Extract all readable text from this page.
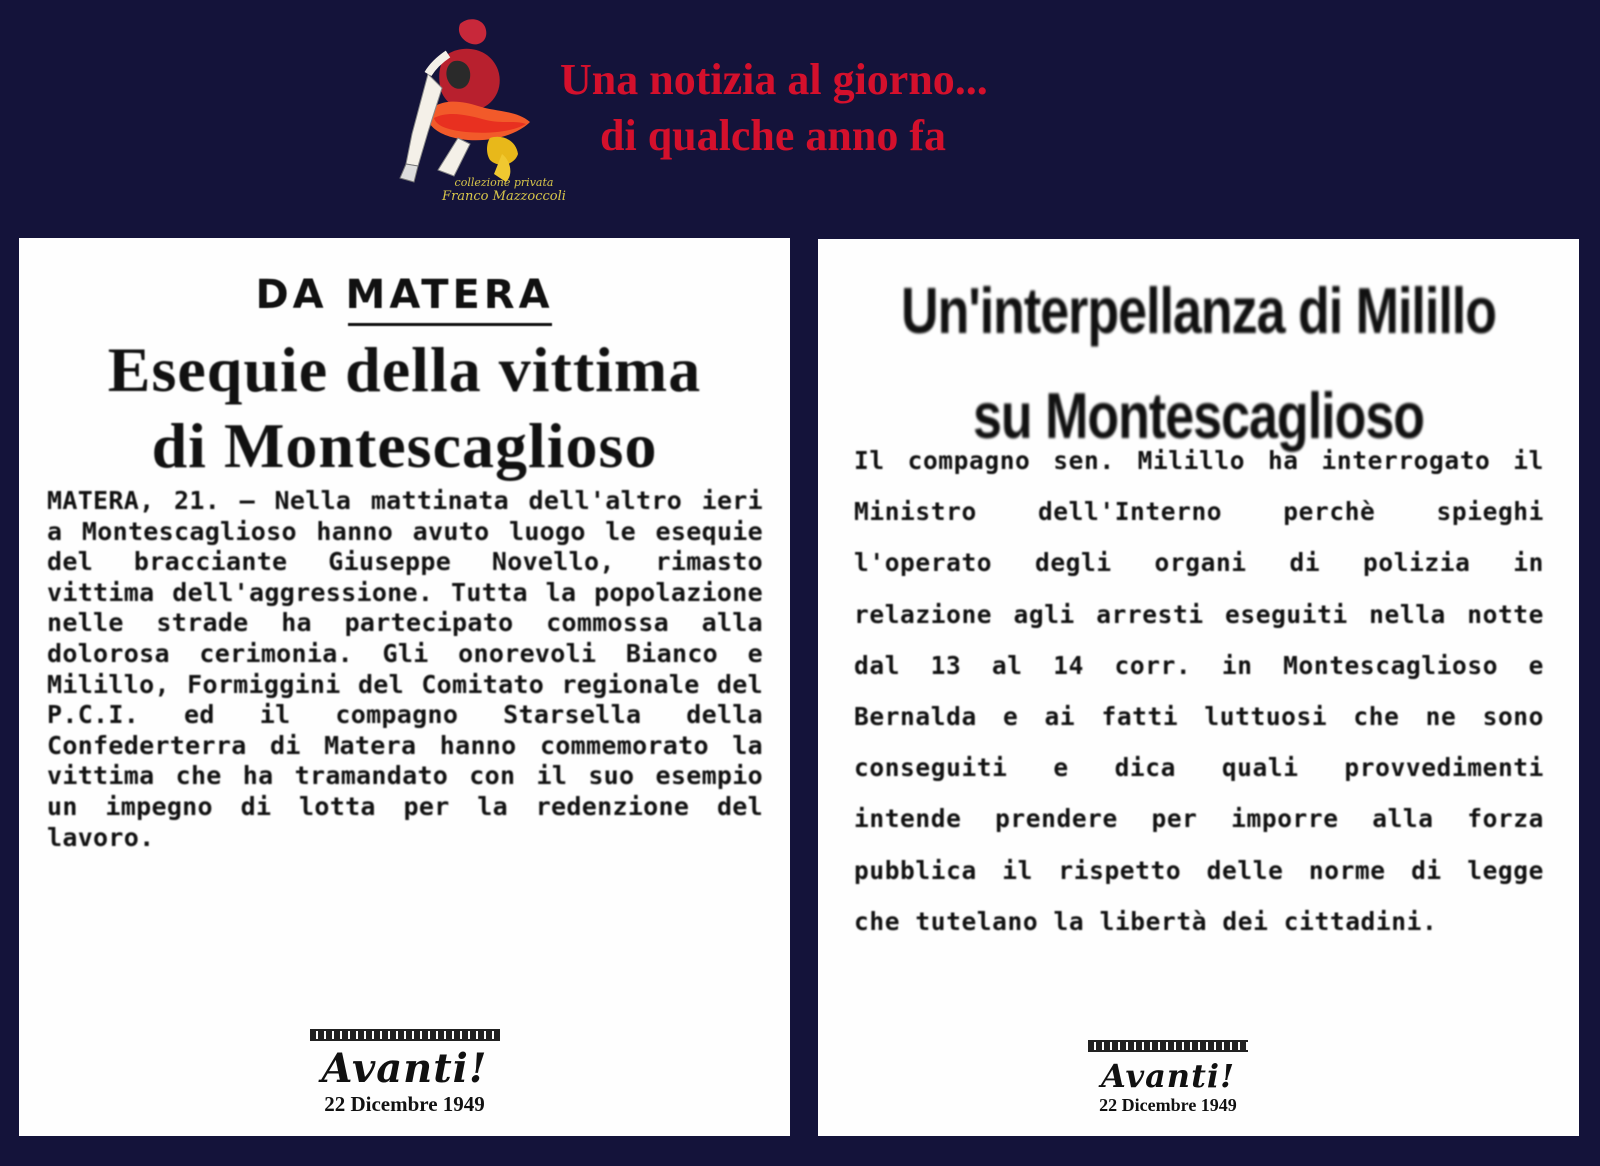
collezione privata
Franco Mazzoccoli
Una notizia al giorno...
di qualche anno fa
DA MATERA
Esequie della vittima
di Montescaglioso
MATERA, 21. — Nella mattinata dell'altro ieri a Montescaglioso hanno avuto luogo le esequie del bracciante Giuseppe Novello, rimasto vittima dell'aggressione. Tutta la popolazione nelle strade ha partecipato commossa alla dolorosa cerimonia. Gli onorevoli Bianco e Milillo, Formiggini del Comitato regionale del P.C.I. ed il compagno Starsella della Confederterra di Matera hanno commemorato la vittima che ha tramandato con il suo esempio un impegno di lotta per la redenzione del lavoro.
Avanti!
22 Dicembre 1949
Un'interpellanza di Milillo
su Montescaglioso
Il compagno sen. Milillo ha interrogato il Ministro dell'Interno perchè spieghi l'operato degli organi di polizia in relazione agli arresti eseguiti nella notte dal 13 al 14 corr. in Montescaglioso e Bernalda e ai fatti luttuosi che ne sono conseguiti e dica quali provvedimenti intende prendere per imporre alla forza pubblica il rispetto delle norme di legge che tutelano la libertà dei cittadini.
Avanti!
22 Dicembre 1949
